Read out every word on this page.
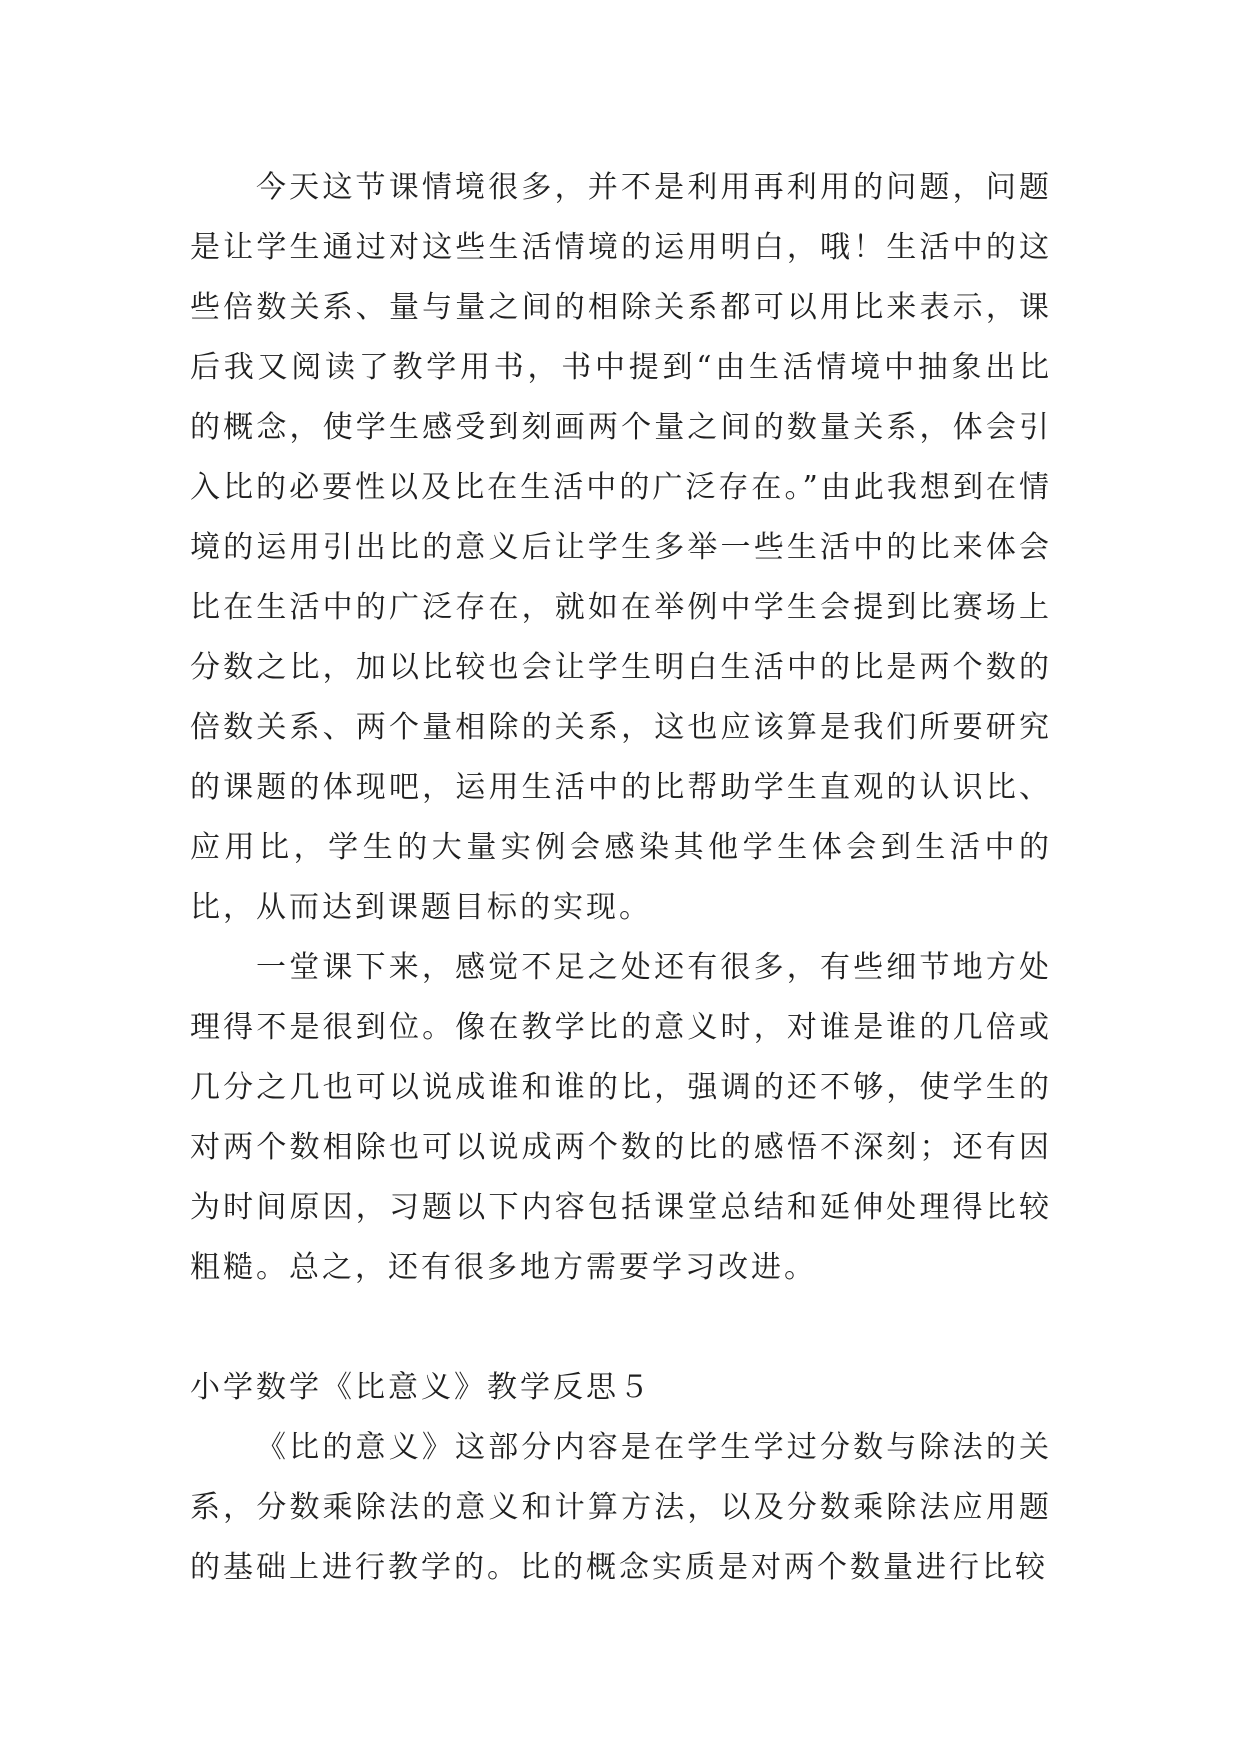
今天这节课情境很多，并不是利用再利用的问题，问题是让学生通过对这些生活情境的运用明白，哦！生活中的这些倍数关系、量与量之间的相除关系都可以用比来表示，课后我又阅读了教学用书，书中提到“由生活情境中抽象出比的概念，使学生感受到刻画两个量之间的数量关系，体会引入比的必要性以及比在生活中的广泛存在。”由此我想到在情境的运用引出比的意义后让学生多举一些生活中的比来体会比在生活中的广泛存在，就如在举例中学生会提到比赛场上分数之比，加以比较也会让学生明白生活中的比是两个数的倍数关系、两个量相除的关系，这也应该算是我们所要研究的课题的体现吧，运用生活中的比帮助学生直观的认识比、应用比，学生的大量实例会感染其他学生体会到生活中的比，从而达到课题目标的实现。

一堂课下来，感觉不足之处还有很多，有些细节地方处理得不是很到位。像在教学比的意义时，对谁是谁的几倍或几分之几也可以说成谁和谁的比，强调的还不够，使学生的对两个数相除也可以说成两个数的比的感悟不深刻；还有因为时间原因，习题以下内容包括课堂总结和延伸处理得比较粗糙。总之，还有很多地方需要学习改进。

小学数学《比意义》教学反思５

《比的意义》这部分内容是在学生学过分数与除法的关系，分数乘除法的意义和计算方法，以及分数乘除法应用题的基础上进行教学的。比的概念实质是对两个数量进行比较
